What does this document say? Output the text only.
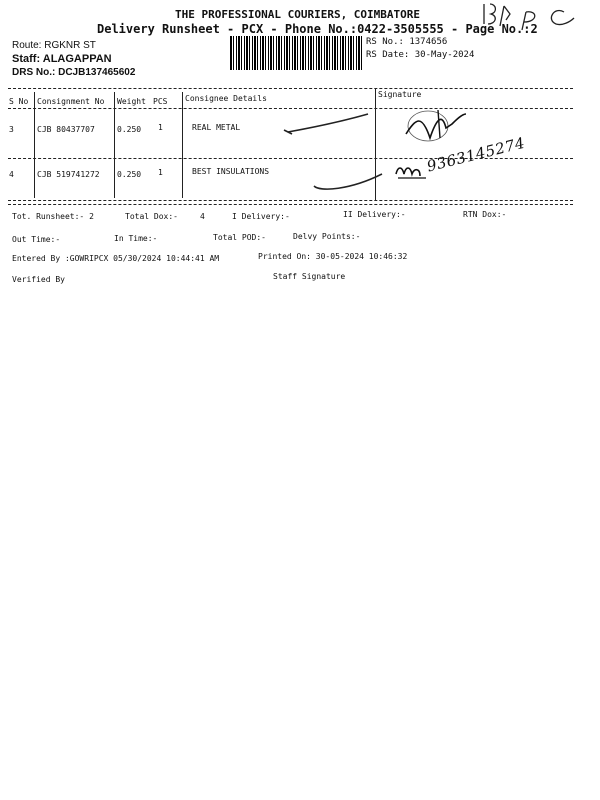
THE PROFESSIONAL COURIERS, COIMBATORE
Delivery Runsheet - PCX - Phone No.:0422-3505555 - Page No.:2
Route: RGKNR ST
Staff: ALAGAPPAN
DRS No.: DCJB137465602
RS No.: 1374656
RS Date: 30-May-2024
S No Consignment No Weight PCS Consignee Details	Signature
3	CJB 80437707	0.250 1	REAL METAL
4	CJB 519741272 0.250 1	BEST INSULATIONS	9363145274
Tot. Runsheet:- 2	Total Dox:-	4	I Delivery:-	II Delivery:-	RTN Dox:-
Out Time:-	In Time:-	Total POD:-	Delvy Points:-
Entered By :GOWRIPCX 05/30/2024 10:44:41 AM	Printed On: 30-05-2024 10:46:32
Verified By	Staff Signature
